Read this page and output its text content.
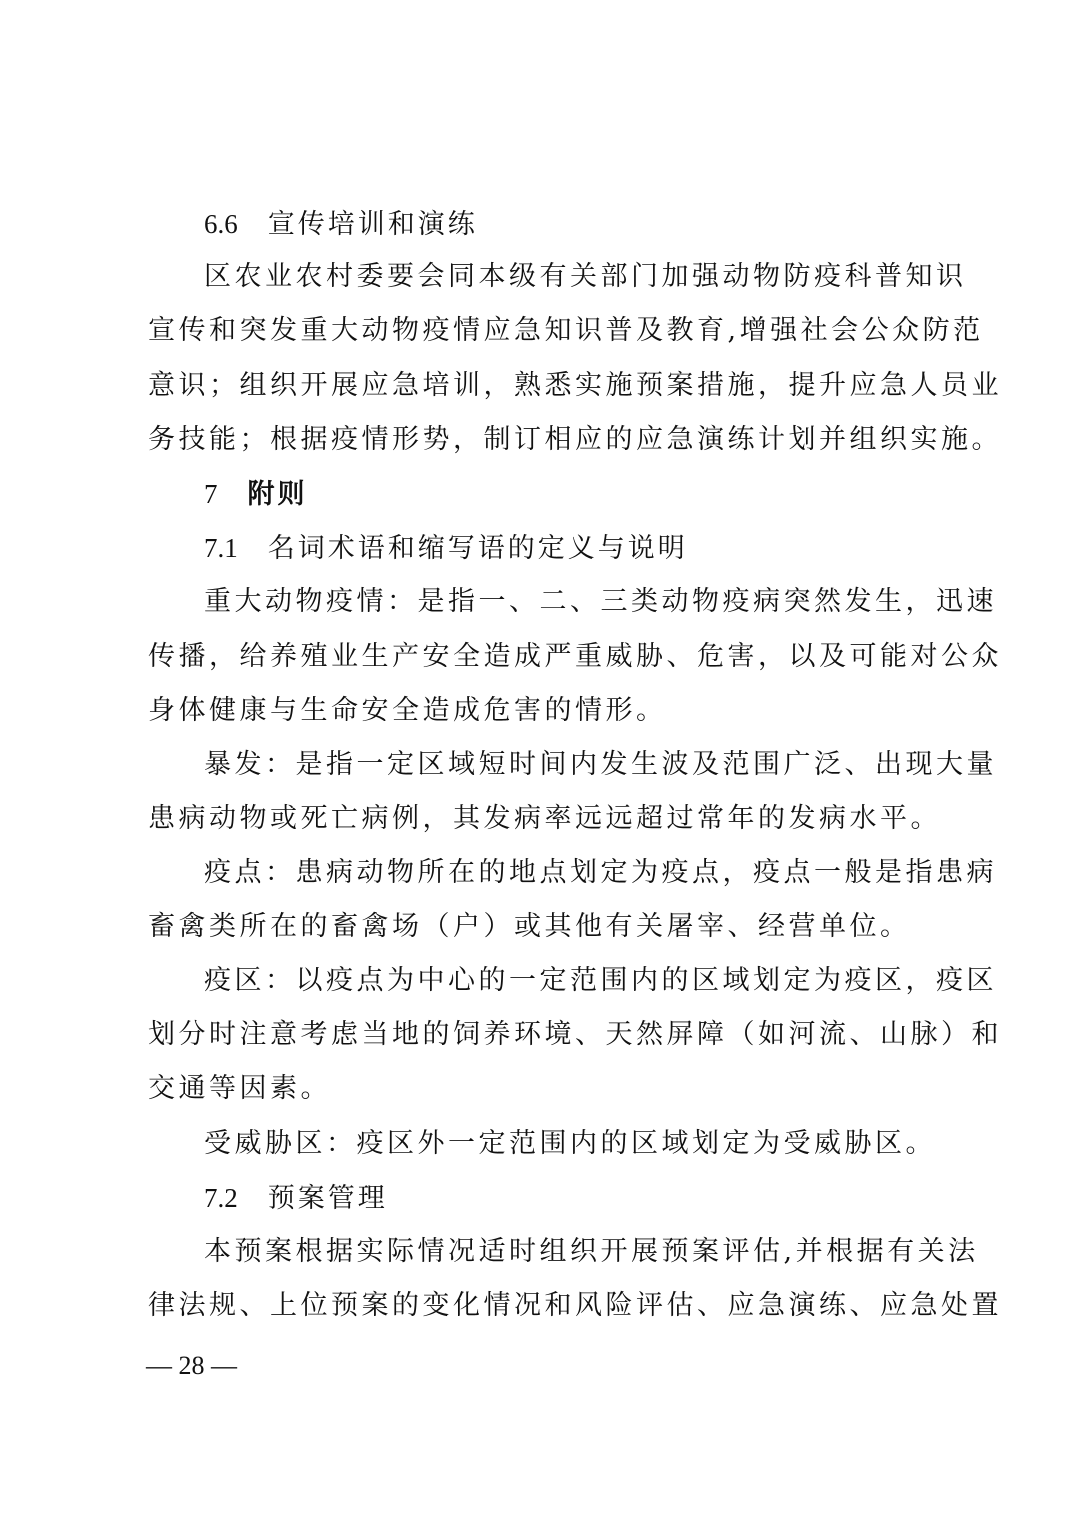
6.6 宣传培训和演练
区农业农村委要会同本级有关部门加强动物防疫科普知识
宣传和突发重大动物疫情应急知识普及教育,增强社会公众防范
意识；组织开展应急培训，熟悉实施预案措施，提升应急人员业
务技能；根据疫情形势，制订相应的应急演练计划并组织实施。
7 附则
7.1 名词术语和缩写语的定义与说明
重大动物疫情：是指一、二、三类动物疫病突然发生，迅速
传播，给养殖业生产安全造成严重威胁、危害，以及可能对公众
身体健康与生命安全造成危害的情形。
暴发：是指一定区域短时间内发生波及范围广泛、出现大量
患病动物或死亡病例，其发病率远远超过常年的发病水平。
疫点：患病动物所在的地点划定为疫点，疫点一般是指患病
畜禽类所在的畜禽场（户）或其他有关屠宰、经营单位。
疫区：以疫点为中心的一定范围内的区域划定为疫区，疫区
划分时注意考虑当地的饲养环境、天然屏障（如河流、山脉）和
交通等因素。
受威胁区：疫区外一定范围内的区域划定为受威胁区。
7.2 预案管理
本预案根据实际情况适时组织开展预案评估,并根据有关法
律法规、上位预案的变化情况和风险评估、应急演练、应急处置
— 28 —
